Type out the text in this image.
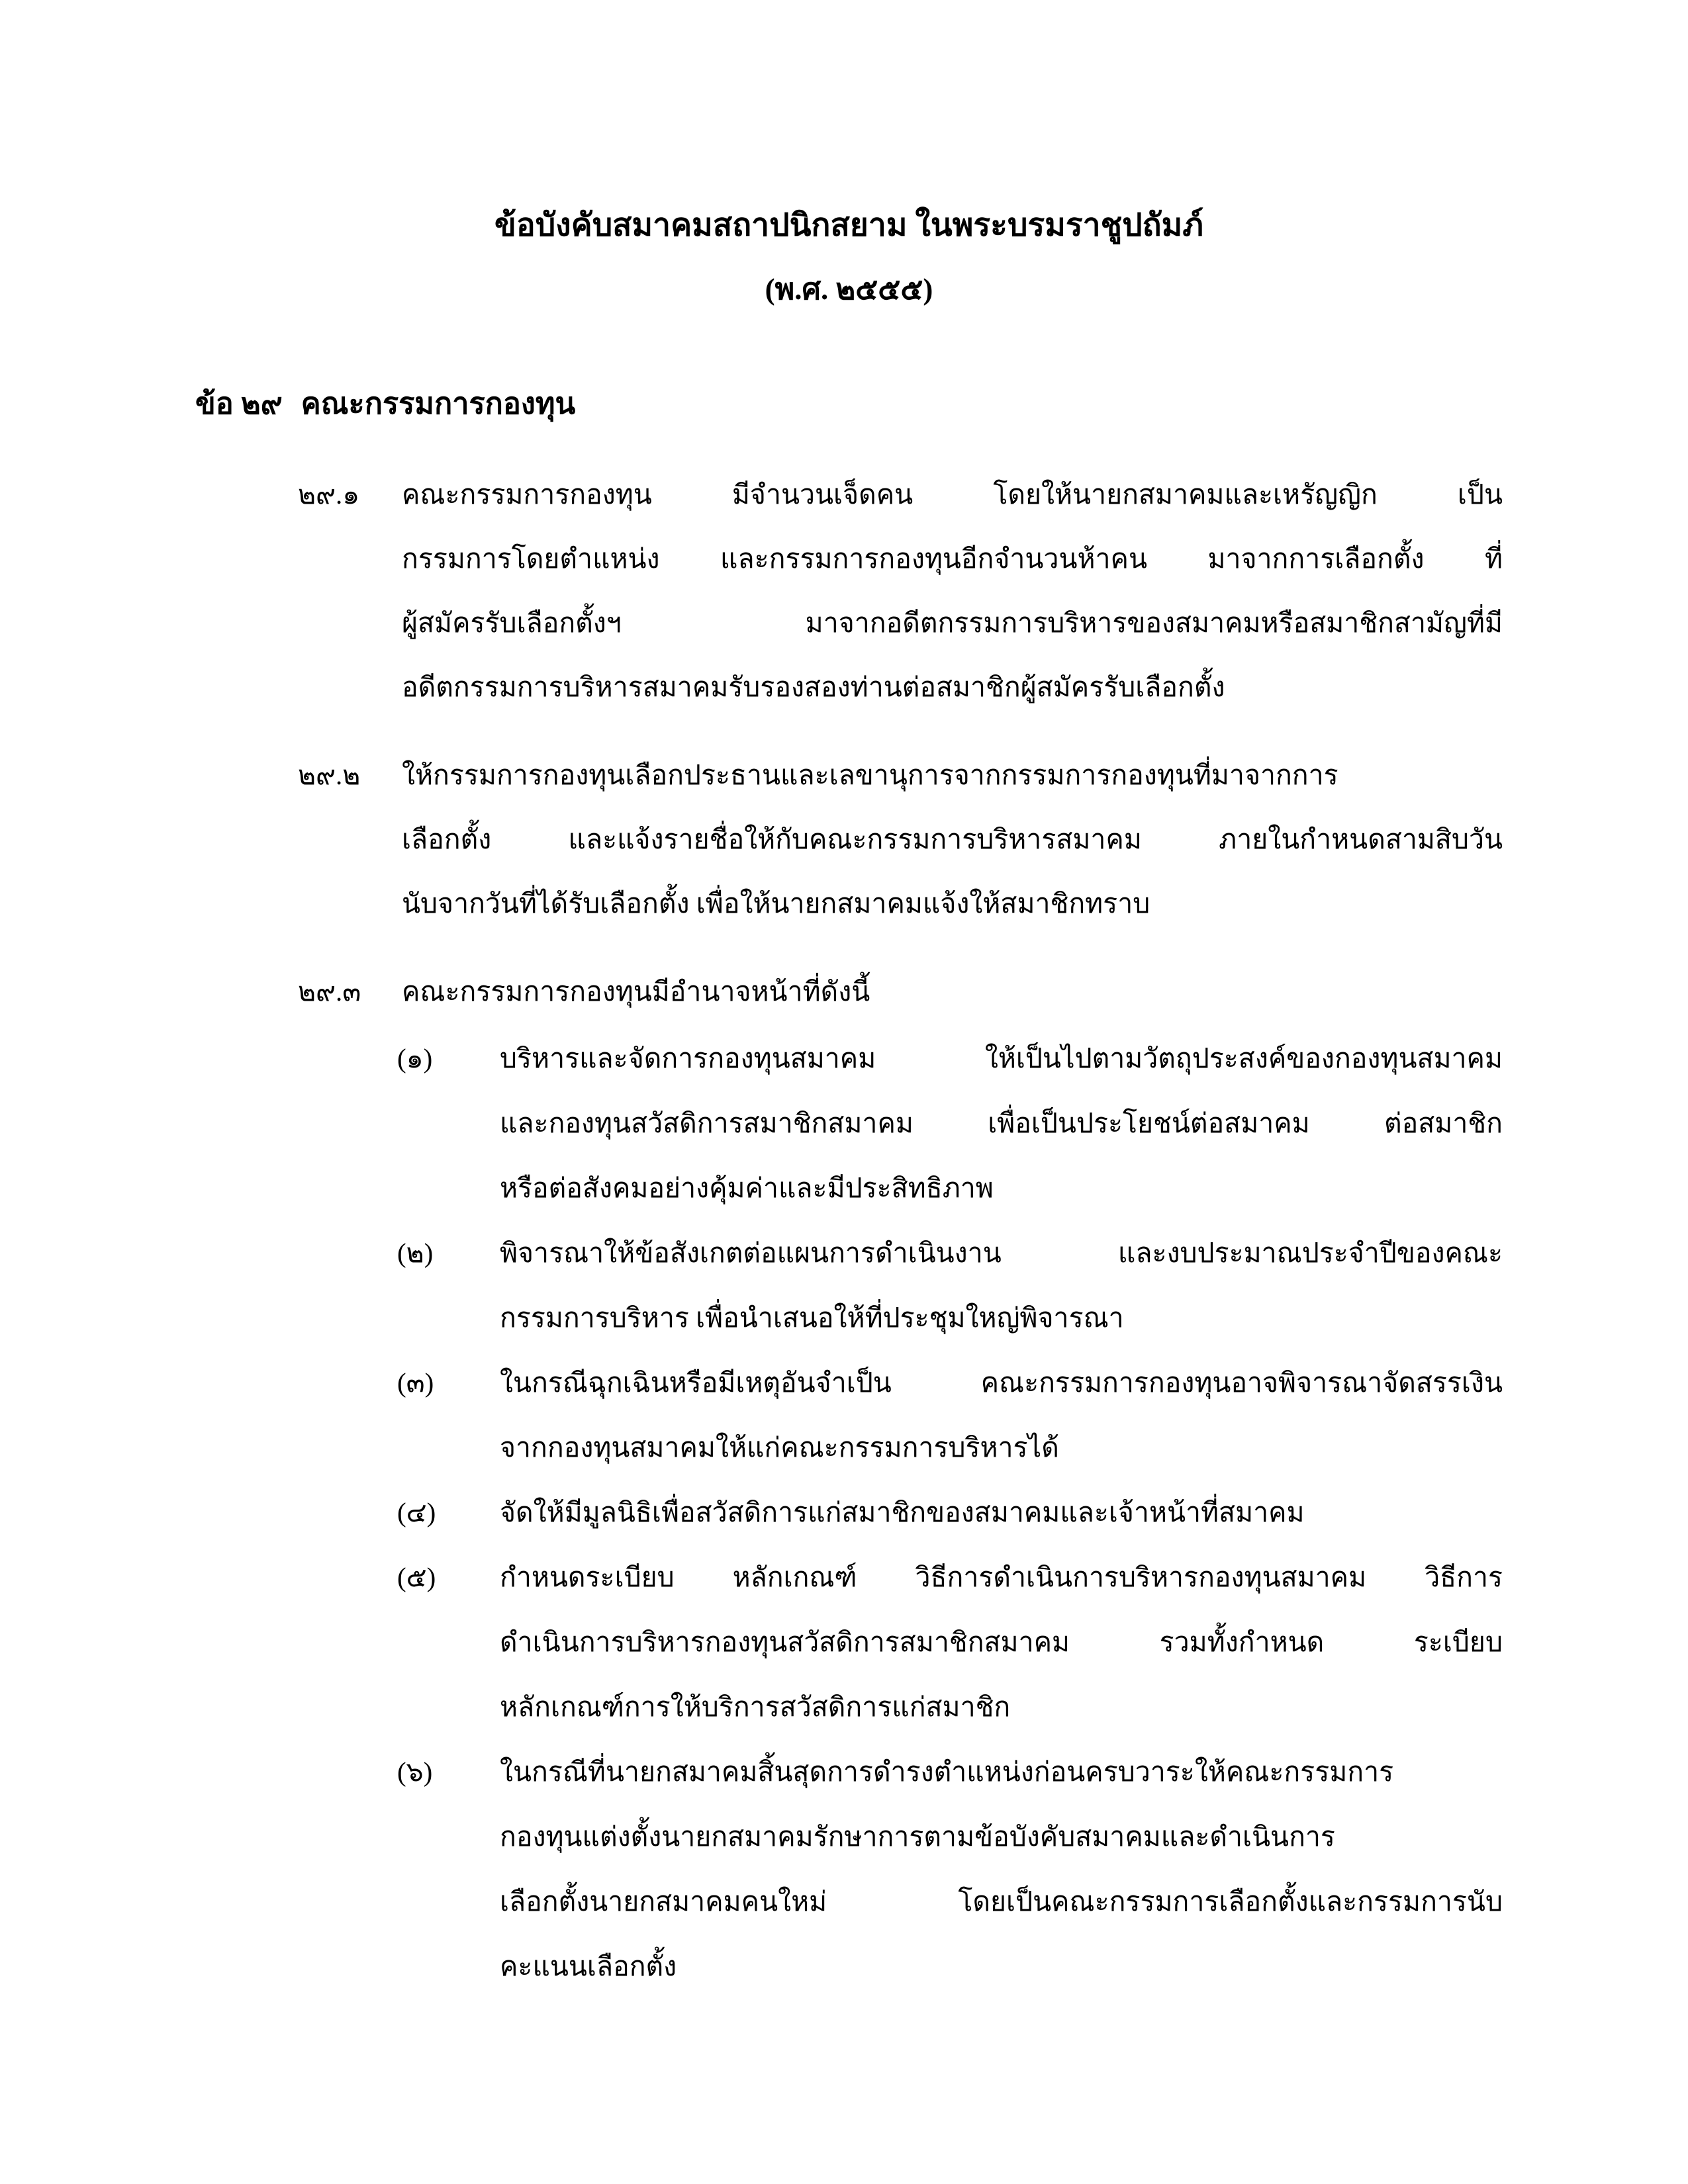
ข้อบังคับสมาคมสถาปนิกสยาม ในพระบรมราชูปถัมภ์
(พ.ศ. ๒๕๕๕)
ข้อ ๒๙ คณะกรรมการกองทุน
๒๙.๑ คณะกรรมการกองทุน มีจำนวนเจ็ดคน โดยให้นายกสมาคมและเหรัญญิก เป็น
กรรมการโดยตำแหน่ง และกรรมการกองทุนอีกจำนวนห้าคน มาจากการเลือกตั้ง ที่
ผู้สมัครรับเลือกตั้งฯ มาจากอดีตกรรมการบริหารของสมาคมหรือสมาชิกสามัญที่มี
อดีตกรรมการบริหารสมาคมรับรองสองท่านต่อสมาชิกผู้สมัครรับเลือกตั้ง
๒๙.๒ ให้กรรมการกองทุนเลือกประธานและเลขานุการจากกรรมการกองทุนที่มาจากการ
เลือกตั้ง และแจ้งรายชื่อให้กับคณะกรรมการบริหารสมาคม ภายในกำหนดสามสิบวัน
นับจากวันที่ได้รับเลือกตั้ง เพื่อให้นายกสมาคมแจ้งให้สมาชิกทราบ
๒๙.๓ คณะกรรมการกองทุนมีอำนาจหน้าที่ดังนี้
(๑) บริหารและจัดการกองทุนสมาคม ให้เป็นไปตามวัตถุประสงค์ของกองทุนสมาคม
และกองทุนสวัสดิการสมาชิกสมาคม เพื่อเป็นประโยชน์ต่อสมาคม ต่อสมาชิก
หรือต่อสังคมอย่างคุ้มค่าและมีประสิทธิภาพ
(๒) พิจารณาให้ข้อสังเกตต่อแผนการดำเนินงาน และงบประมาณประจำปีของคณะ
กรรมการบริหาร เพื่อนำเสนอให้ที่ประชุมใหญ่พิจารณา
(๓) ในกรณีฉุกเฉินหรือมีเหตุอันจำเป็น คณะกรรมการกองทุนอาจพิจารณาจัดสรรเงิน
จากกองทุนสมาคมให้แก่คณะกรรมการบริหารได้
(๔) จัดให้มีมูลนิธิเพื่อสวัสดิการแก่สมาชิกของสมาคมและเจ้าหน้าที่สมาคม
(๕) กำหนดระเบียบ หลักเกณฑ์ วิธีการดำเนินการบริหารกองทุนสมาคม วิธีการ
ดำเนินการบริหารกองทุนสวัสดิการสมาชิกสมาคม รวมทั้งกำหนด ระเบียบ
หลักเกณฑ์การให้บริการสวัสดิการแก่สมาชิก
(๖) ในกรณีที่นายกสมาคมสิ้นสุดการดำรงตำแหน่งก่อนครบวาระให้คณะกรรมการ
กองทุนแต่งตั้งนายกสมาคมรักษาการตามข้อบังคับสมาคมและดำเนินการ
เลือกตั้งนายกสมาคมคนใหม่ โดยเป็นคณะกรรมการเลือกตั้งและกรรมการนับ
คะแนนเลือกตั้ง
